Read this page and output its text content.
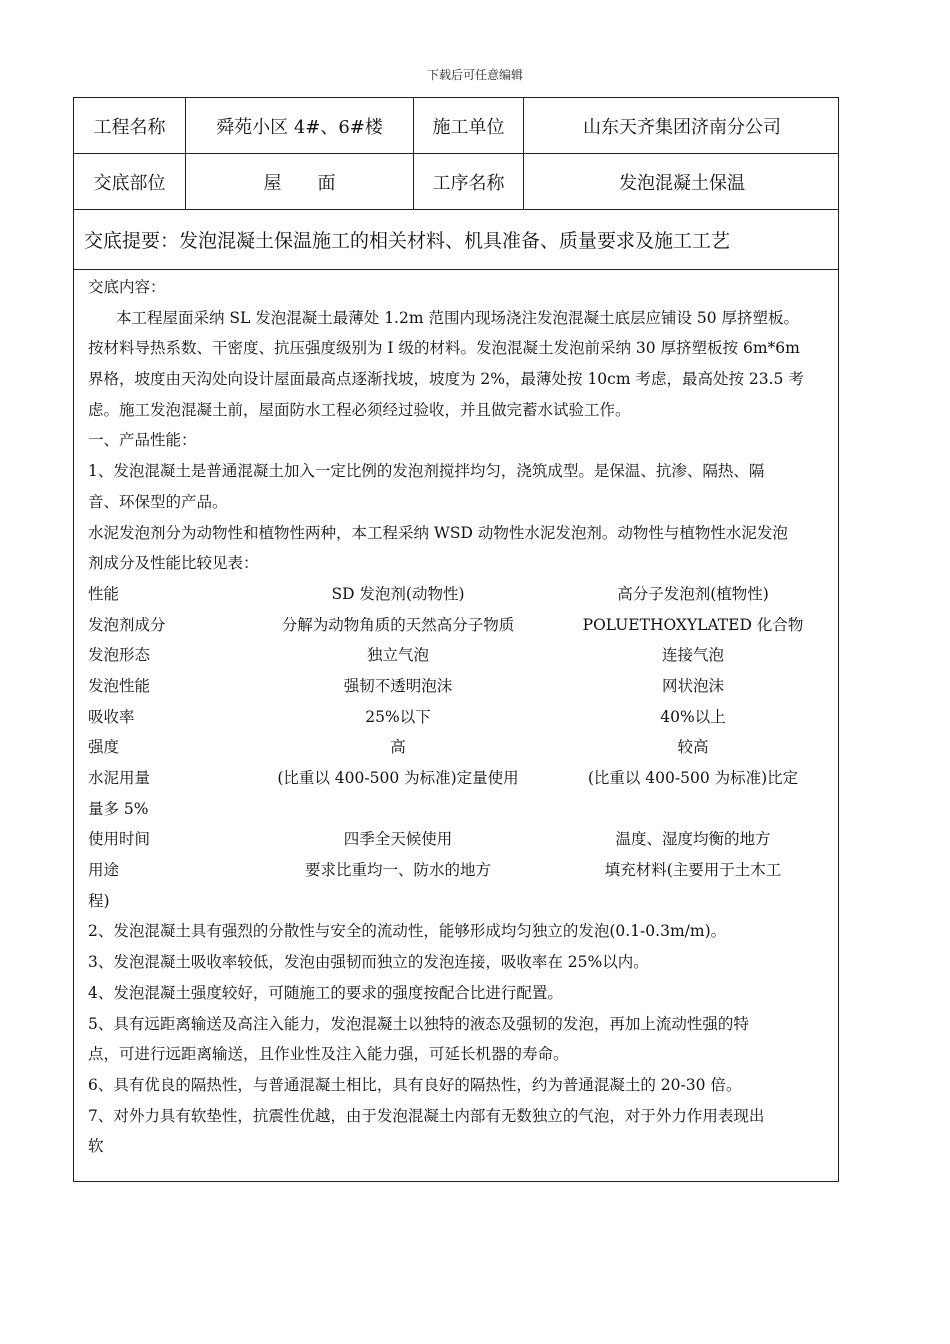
下载后可任意编辑
工程名称	舜苑小区 4#、6#楼	施工单位	山东天齐集团济南分公司
交底部位	屋　　面	工序名称	发泡混凝土保温
交底提要：发泡混凝土保温施工的相关材料、机具准备、质量要求及施工工艺
交底内容：
本工程屋面采纳 SL 发泡混凝土最薄处 1.2m 范围内现场浇注发泡混凝土底层应铺设 50 厚挤塑板。
按材料导热系数、干密度、抗压强度级别为 I 级的材料。发泡混凝土发泡前采纳 30 厚挤塑板按 6m*6m
界格，坡度由天沟处向设计屋面最高点逐渐找坡，坡度为 2%，最薄处按 10cm 考虑，最高处按 23.5 考
虑。施工发泡混凝土前，屋面防水工程必须经过验收，并且做完蓄水试验工作。
一、产品性能：
1、发泡混凝土是普通混凝土加入一定比例的发泡剂搅拌均匀，浇筑成型。是保温、抗渗、隔热、隔
音、环保型的产品。
水泥发泡剂分为动物性和植物性两种，本工程采纳 WSD 动物性水泥发泡剂。动物性与植物性水泥发泡
剂成分及性能比较见表：
性能	SD 发泡剂(动物性)	高分子发泡剂(植物性)
发泡剂成分	分解为动物角质的天然高分子物质	POLUETHOXYLATED 化合物
发泡形态	独立气泡	连接气泡
发泡性能	强韧不透明泡沫	网状泡沫
吸收率	25%以下	40%以上
强度	高	较高
水泥用量	(比重以 400-500 为标准)定量使用	(比重以 400-500 为标准)比定
量多 5%
使用时间	四季全天候使用	温度、湿度均衡的地方
用途	要求比重均一、防水的地方	填充材料(主要用于土木工
程)
2、发泡混凝土具有强烈的分散性与安全的流动性，能够形成均匀独立的发泡(0.1-0.3m/m)。
3、发泡混凝土吸收率较低，发泡由强韧而独立的发泡连接，吸收率在 25%以内。
4、发泡混凝土强度较好，可随施工的要求的强度按配合比进行配置。
5、具有远距离输送及高注入能力，发泡混凝土以独特的液态及强韧的发泡，再加上流动性强的特
点，可进行远距离输送，且作业性及注入能力强，可延长机器的寿命。
6、具有优良的隔热性，与普通混凝土相比，具有良好的隔热性，约为普通混凝土的 20-30 倍。
7、对外力具有软垫性，抗震性优越，由于发泡混凝土内部有无数独立的气泡，对于外力作用表现出
软
